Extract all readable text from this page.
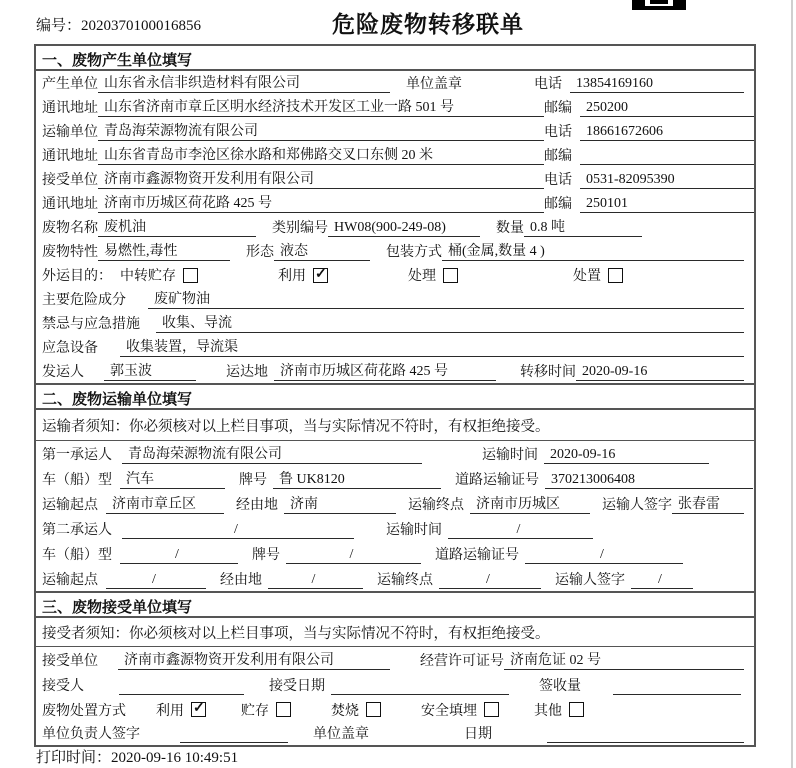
编号：2020370100016856	危险废物转移联单
一、废物产生单位填写
产生单位 山东省永信非织造材料有限公司	单位盖章	电话	13854169160
通讯地址 山东省济南市章丘区明水经济技术开发区工业一路 501 号	邮编	250200
运输单位 青岛海荣源物流有限公司	电话	18661672606
通讯地址 山东省青岛市李沧区徐水路和郑佛路交叉口东侧 20 米	邮编
接受单位 济南市鑫源物资开发利用有限公司	电话	0531-82095390
通讯地址 济南市历城区荷花路 425 号	邮编	250101
废物名称 废机油	类别编号 HW08(900-249-08)	数量 0.8 吨
废物特性 易燃性,毒性	形态 液态	包装方式 桶(金属,数量 4 )
外运目的： 中转贮存	利用 ✓	处理	处置
主要危险成分	废矿物油
禁忌与应急措施	收集、导流
应急设备	收集装置，导流渠
发运人	郭玉波	运达地 济南市历城区荷花路 425 号	转移时间 2020-09-16
二、废物运输单位填写
运输者须知：你必须核对以上栏目事项，当与实际情况不符时，有权拒绝接受。
第一承运人	青岛海荣源物流有限公司	运输时间 2020-09-16
车（船）型	汽车	牌号 鲁 UK8120	道路运输证号 370213006408
运输起点	济南市章丘区	经由地 济南	运输终点 济南市历城区	运输人签字 张春雷
第二承运人	/	运输时间	/
车（船）型	/	牌号	/	道路运输证号	/
运输起点	/	经由地	/	运输终点	/	运输人签字	/
三、废物接受单位填写
接受者须知：你必须核对以上栏目事项，当与实际情况不符时，有权拒绝接受。
接受单位	济南市鑫源物资开发利用有限公司	经营许可证号 济南危证 02 号
接受人	接受日期	签收量
废物处置方式 利用 ✓	贮存	焚烧	安全填埋	其他
单位负责人签字	单位盖章	日期
打印时间：2020-09-16 10:49:51
